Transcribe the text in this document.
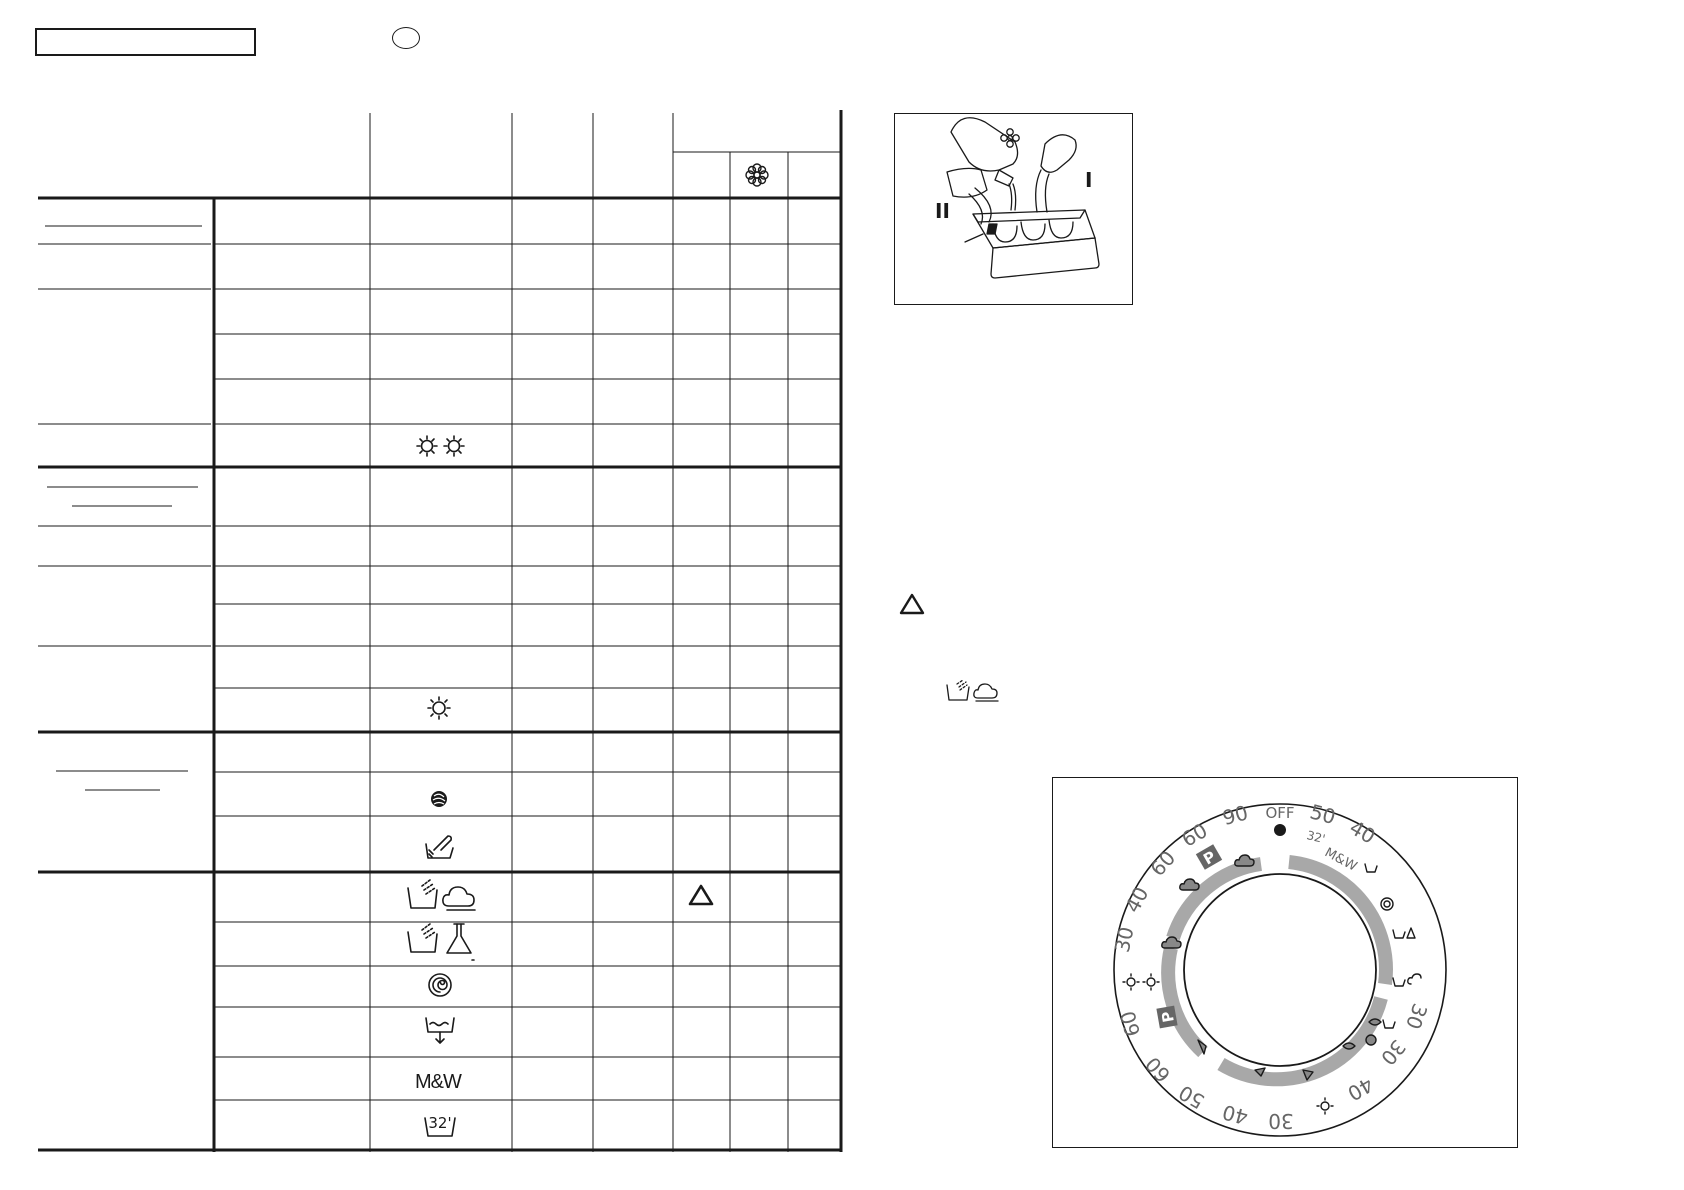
M&W
32'
I
II
OFF
90
60
50
40
M&W
32'
60
40
30
60
60
50
40 30
40
30
30
P
P
